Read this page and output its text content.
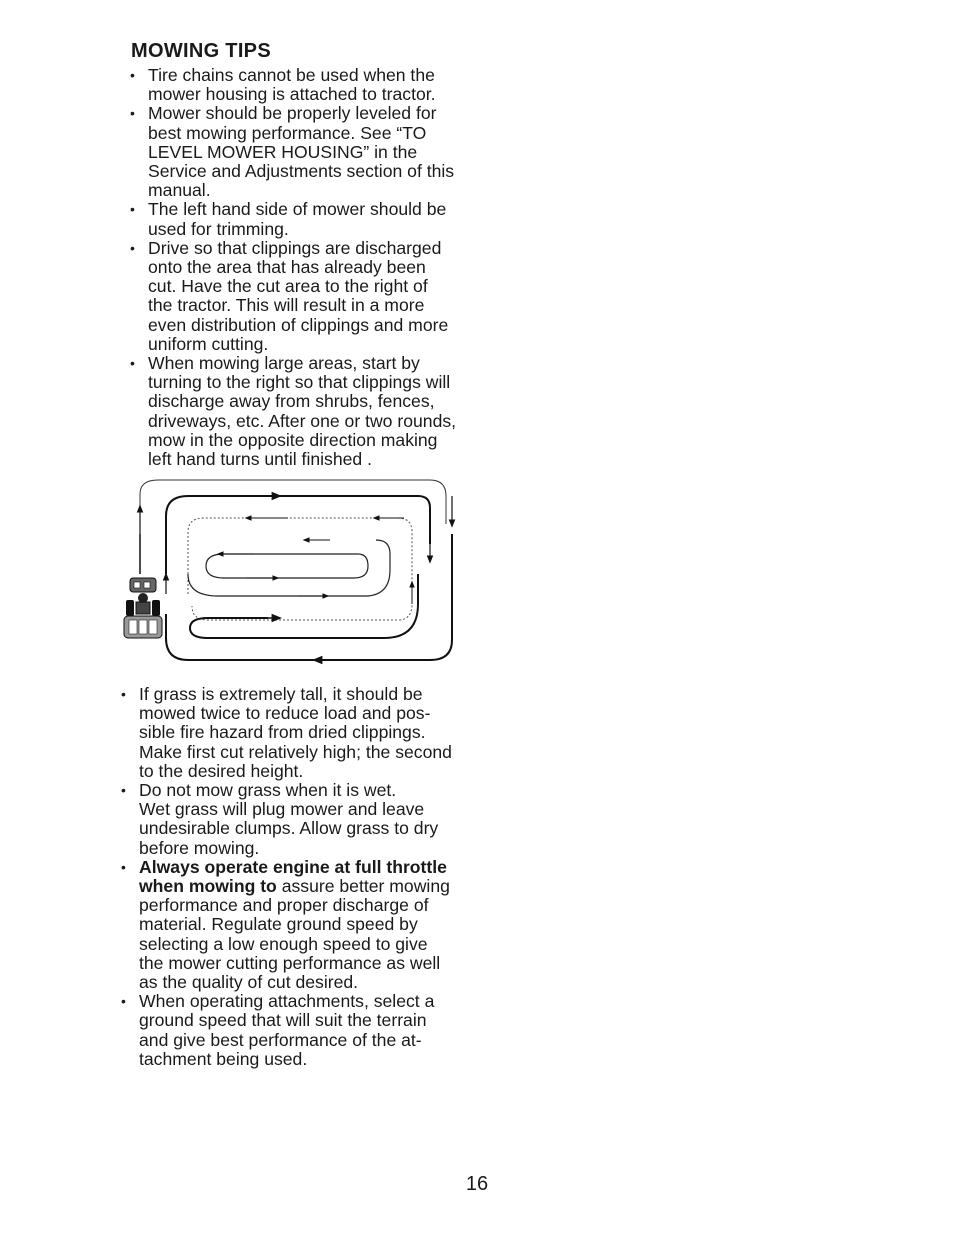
MOWING TIPS
• Tire chains cannot be used when the
mower housing is attached to tractor.
• Mower should be properly leveled for
best mowing performance. See “TO
LEVEL MOWER HOUSING” in the
Service and Adjustments section of this
manual.
• The left hand side of mower should be
used for trimming.
• Drive so that clippings are discharged
onto the area that has already been
cut. Have the cut area to the right of
the tractor. This will result in a more
even distribution of clippings and more
uniform cutting.
• When mowing large areas, start by
turning to the right so that clippings will
discharge away from shrubs, fences,
driveways, etc. After one or two rounds,
mow in the opposite direction making
left hand turns until finished .
• If grass is extremely tall, it should be
mowed twice to reduce load and pos-
sible fire hazard from dried clippings.
Make first cut relatively high; the second
to the desired height.
• Do not mow grass when it is wet.
Wet grass will plug mower and leave
undesirable clumps. Allow grass to dry
before mowing.
• Always operate engine at full throttle
when mowing to assure better mowing
performance and proper discharge of
material. Regulate ground speed by
selecting a low enough speed to give
the mower cutting performance as well
as the quality of cut desired.
• When operating attachments, select a
ground speed that will suit the terrain
and give best performance of the at-
tachment being used.
16
